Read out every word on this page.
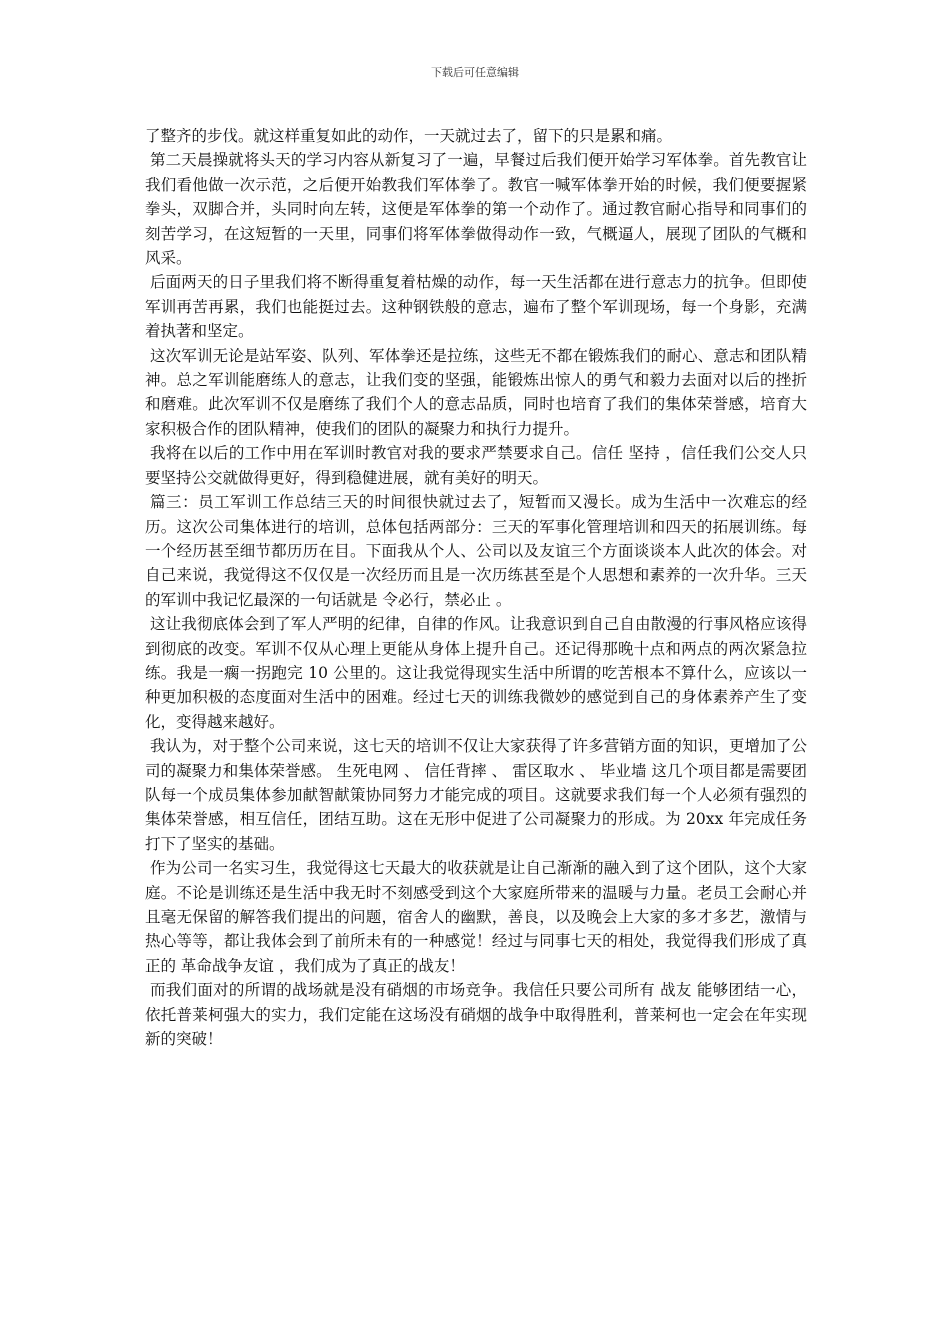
下载后可任意编辑

了整齐的步伐。就这样重复如此的动作，一天就过去了，留下的只是累和痛。

第二天晨操就将头天的学习内容从新复习了一遍，早餐过后我们便开始学习军体拳。首先教官让我们看他做一次示范，之后便开始教我们军体拳了。教官一喊军体拳开始的时候，我们便要握紧拳头，双脚合并，头同时向左转，这便是军体拳的第一个动作了。通过教官耐心指导和同事们的刻苦学习，在这短暂的一天里，同事们将军体拳做得动作一致，气概逼人，展现了团队的气概和风采。

后面两天的日子里我们将不断得重复着枯燥的动作，每一天生活都在进行意志力的抗争。但即使军训再苦再累，我们也能挺过去。这种钢铁般的意志，遍布了整个军训现场，每一个身影，充满着执著和坚定。

这次军训无论是站军姿、队列、军体拳还是拉练，这些无不都在锻炼我们的耐心、意志和团队精神。总之军训能磨练人的意志，让我们变的坚强，能锻炼出惊人的勇气和毅力去面对以后的挫折和磨难。此次军训不仅是磨练了我们个人的意志品质，同时也培育了我们的集体荣誉感，培育大家积极合作的团队精神，使我们的团队的凝聚力和执行力提升。

我将在以后的工作中用在军训时教官对我的要求严禁要求自己。信任 坚持 ，信任我们公交人只要坚持公交就做得更好，得到稳健进展，就有美好的明天。

篇三：员工军训工作总结三天的时间很快就过去了，短暂而又漫长。成为生活中一次难忘的经历。这次公司集体进行的培训，总体包括两部分：三天的军事化管理培训和四天的拓展训练。每一个经历甚至细节都历历在目。下面我从个人、公司以及友谊三个方面谈谈本人此次的体会。对自己来说，我觉得这不仅仅是一次经历而且是一次历练甚至是个人思想和素养的一次升华。三天的军训中我记忆最深的一句话就是 令必行，禁必止 。

这让我彻底体会到了军人严明的纪律，自律的作风。让我意识到自己自由散漫的行事风格应该得到彻底的改变。军训不仅从心理上更能从身体上提升自己。还记得那晚十点和两点的两次紧急拉练。我是一瘸一拐跑完 10 公里的。这让我觉得现实生活中所谓的吃苦根本不算什么，应该以一种更加积极的态度面对生活中的困难。经过七天的训练我微妙的感觉到自己的身体素养产生了变化，变得越来越好。

我认为，对于整个公司来说，这七天的培训不仅让大家获得了许多营销方面的知识，更增加了公司的凝聚力和集体荣誉感。 生死电网 、 信任背摔 、 雷区取水 、 毕业墙 这几个项目都是需要团队每一个成员集体参加献智献策协同努力才能完成的项目。这就要求我们每一个人必须有强烈的集体荣誉感，相互信任，团结互助。这在无形中促进了公司凝聚力的形成。为 20xx 年完成任务打下了坚实的基础。

作为公司一名实习生，我觉得这七天最大的收获就是让自己渐渐的融入到了这个团队，这个大家庭。不论是训练还是生活中我无时不刻感受到这个大家庭所带来的温暖与力量。老员工会耐心并且毫无保留的解答我们提出的问题，宿舍人的幽默，善良，以及晚会上大家的多才多艺，激情与热心等等，都让我体会到了前所未有的一种感觉！经过与同事七天的相处，我觉得我们形成了真正的 革命战争友谊 ，我们成为了真正的战友！

而我们面对的所谓的战场就是没有硝烟的市场竞争。我信任只要公司所有 战友 能够团结一心，依托普莱柯强大的实力，我们定能在这场没有硝烟的战争中取得胜利，普莱柯也一定会在年实现新的突破！
